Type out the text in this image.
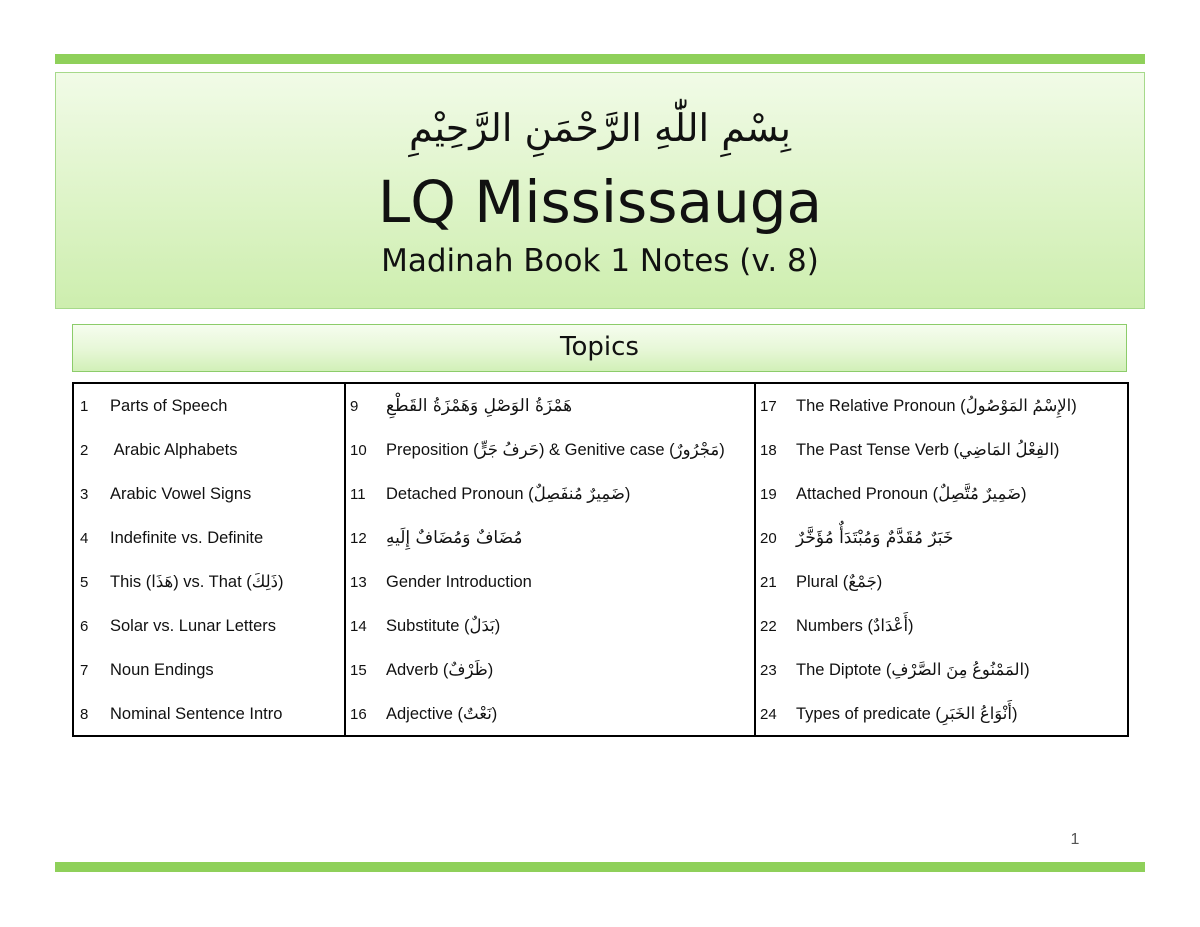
بِسْمِ اللّٰهِ الرَّحْمَنِ الرَّحِيْمِ
LQ Mississauga
Madinah Book 1 Notes (v. 8)
Topics
1	Parts of Speech
2	Arabic Alphabets
3	Arabic Vowel Signs
4	Indefinite vs. Definite
5	This (هَذَا) vs. That (ذَلِكَ)
6	Solar vs. Lunar Letters
7	Noun Endings
8	Nominal Sentence Intro
9	هَمْزَةُ الوَصْلِ وَهَمْزَةُ القَطْعِ
10	Preposition (حَرفُ جَرٍّ) & Genitive case (مَجْرُورٌ)
11	Detached Pronoun (ضَمِيرٌ مُنفَصِلٌ)
12	مُضَافٌ وَمُضَافٌ إِلَيهِ
13	Gender Introduction
14	Substitute (بَدَلٌ)
15	Adverb (ظَرْفٌ)
16	Adjective (نَعْتٌ)
17	The Relative Pronoun (الإِسْمُ المَوْصُولُ)
18	The Past Tense Verb (الفِعْلُ المَاضِي)
19	Attached Pronoun (ضَمِيرٌ مُتَّصِلٌ)
20	خَبَرٌ مُقَدَّمٌ وَمُبْتَدَأٌ مُؤَخَّرٌ
21	Plural (جَمْعٌ)
22	Numbers (أَعْدَادٌ)
23	The Diptote (المَمْنُوعُ مِنَ الصَّرْفِ)
24	Types of predicate (أَنْوَاعُ الخَبَرِ)
1
